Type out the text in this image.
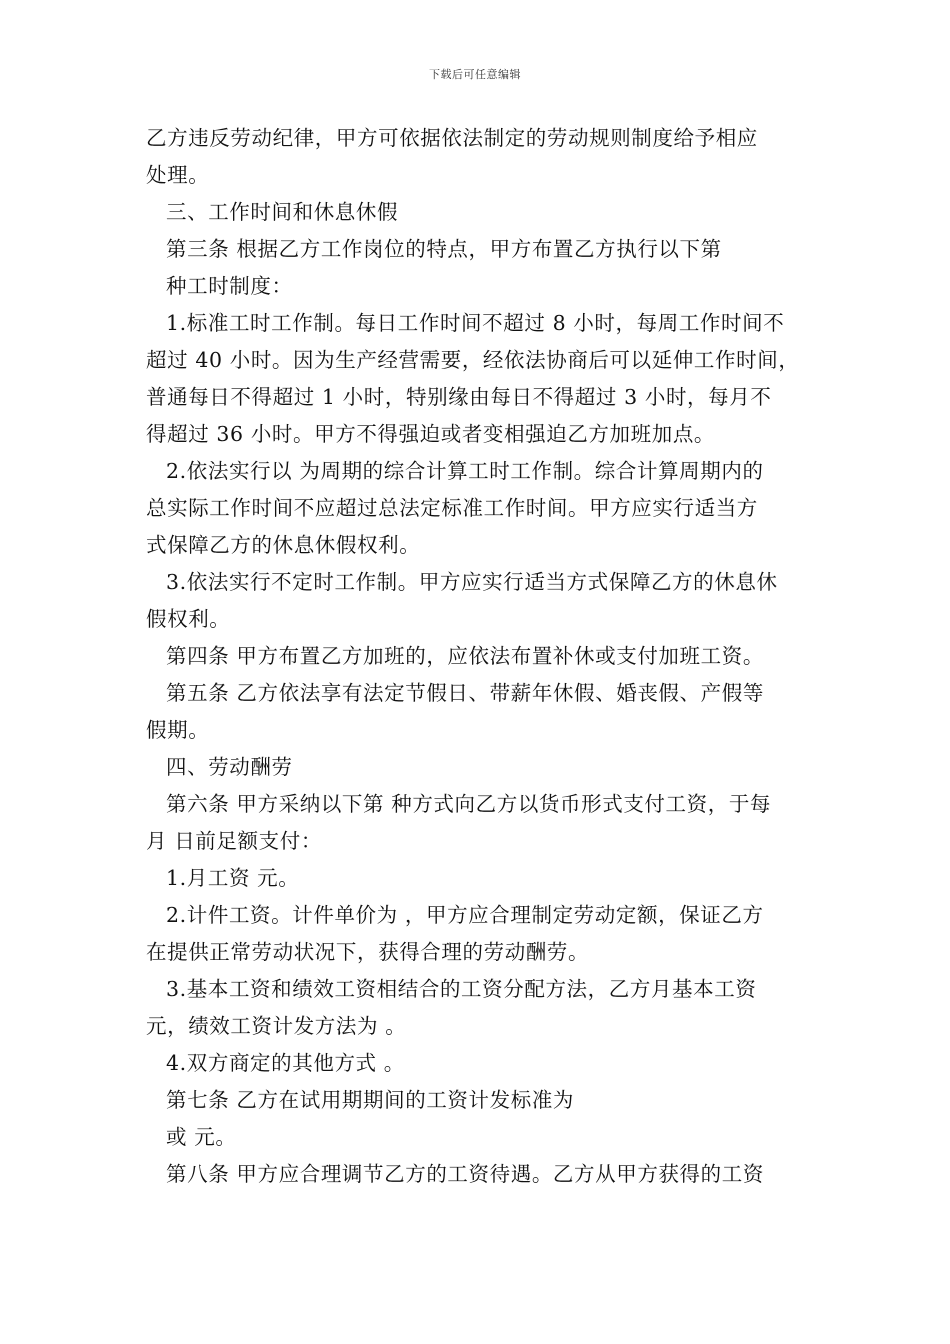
下载后可任意编辑
乙方违反劳动纪律，甲方可依据依法制定的劳动规则制度给予相应
处理。
三、工作时间和休息休假
第三条 根据乙方工作岗位的特点，甲方布置乙方执行以下第
种工时制度：
1.标准工时工作制。每日工作时间不超过 8 小时，每周工作时间不
超过 40 小时。因为生产经营需要，经依法协商后可以延伸工作时间，
普通每日不得超过 1 小时，特别缘由每日不得超过 3 小时，每月不
得超过 36 小时。甲方不得强迫或者变相强迫乙方加班加点。
2.依法实行以 为周期的综合计算工时工作制。综合计算周期内的
总实际工作时间不应超过总法定标准工作时间。甲方应实行适当方
式保障乙方的休息休假权利。
3.依法实行不定时工作制。甲方应实行适当方式保障乙方的休息休
假权利。
第四条 甲方布置乙方加班的，应依法布置补休或支付加班工资。
第五条 乙方依法享有法定节假日、带薪年休假、婚丧假、产假等
假期。
四、劳动酬劳
第六条 甲方采纳以下第 种方式向乙方以货币形式支付工资，于每
月 日前足额支付：
1.月工资 元。
2.计件工资。计件单价为 ，甲方应合理制定劳动定额，保证乙方
在提供正常劳动状况下，获得合理的劳动酬劳。
3.基本工资和绩效工资相结合的工资分配方法，乙方月基本工资
元，绩效工资计发方法为 。
4.双方商定的其他方式 。
第七条 乙方在试用期期间的工资计发标准为
或 元。
第八条 甲方应合理调节乙方的工资待遇。乙方从甲方获得的工资
